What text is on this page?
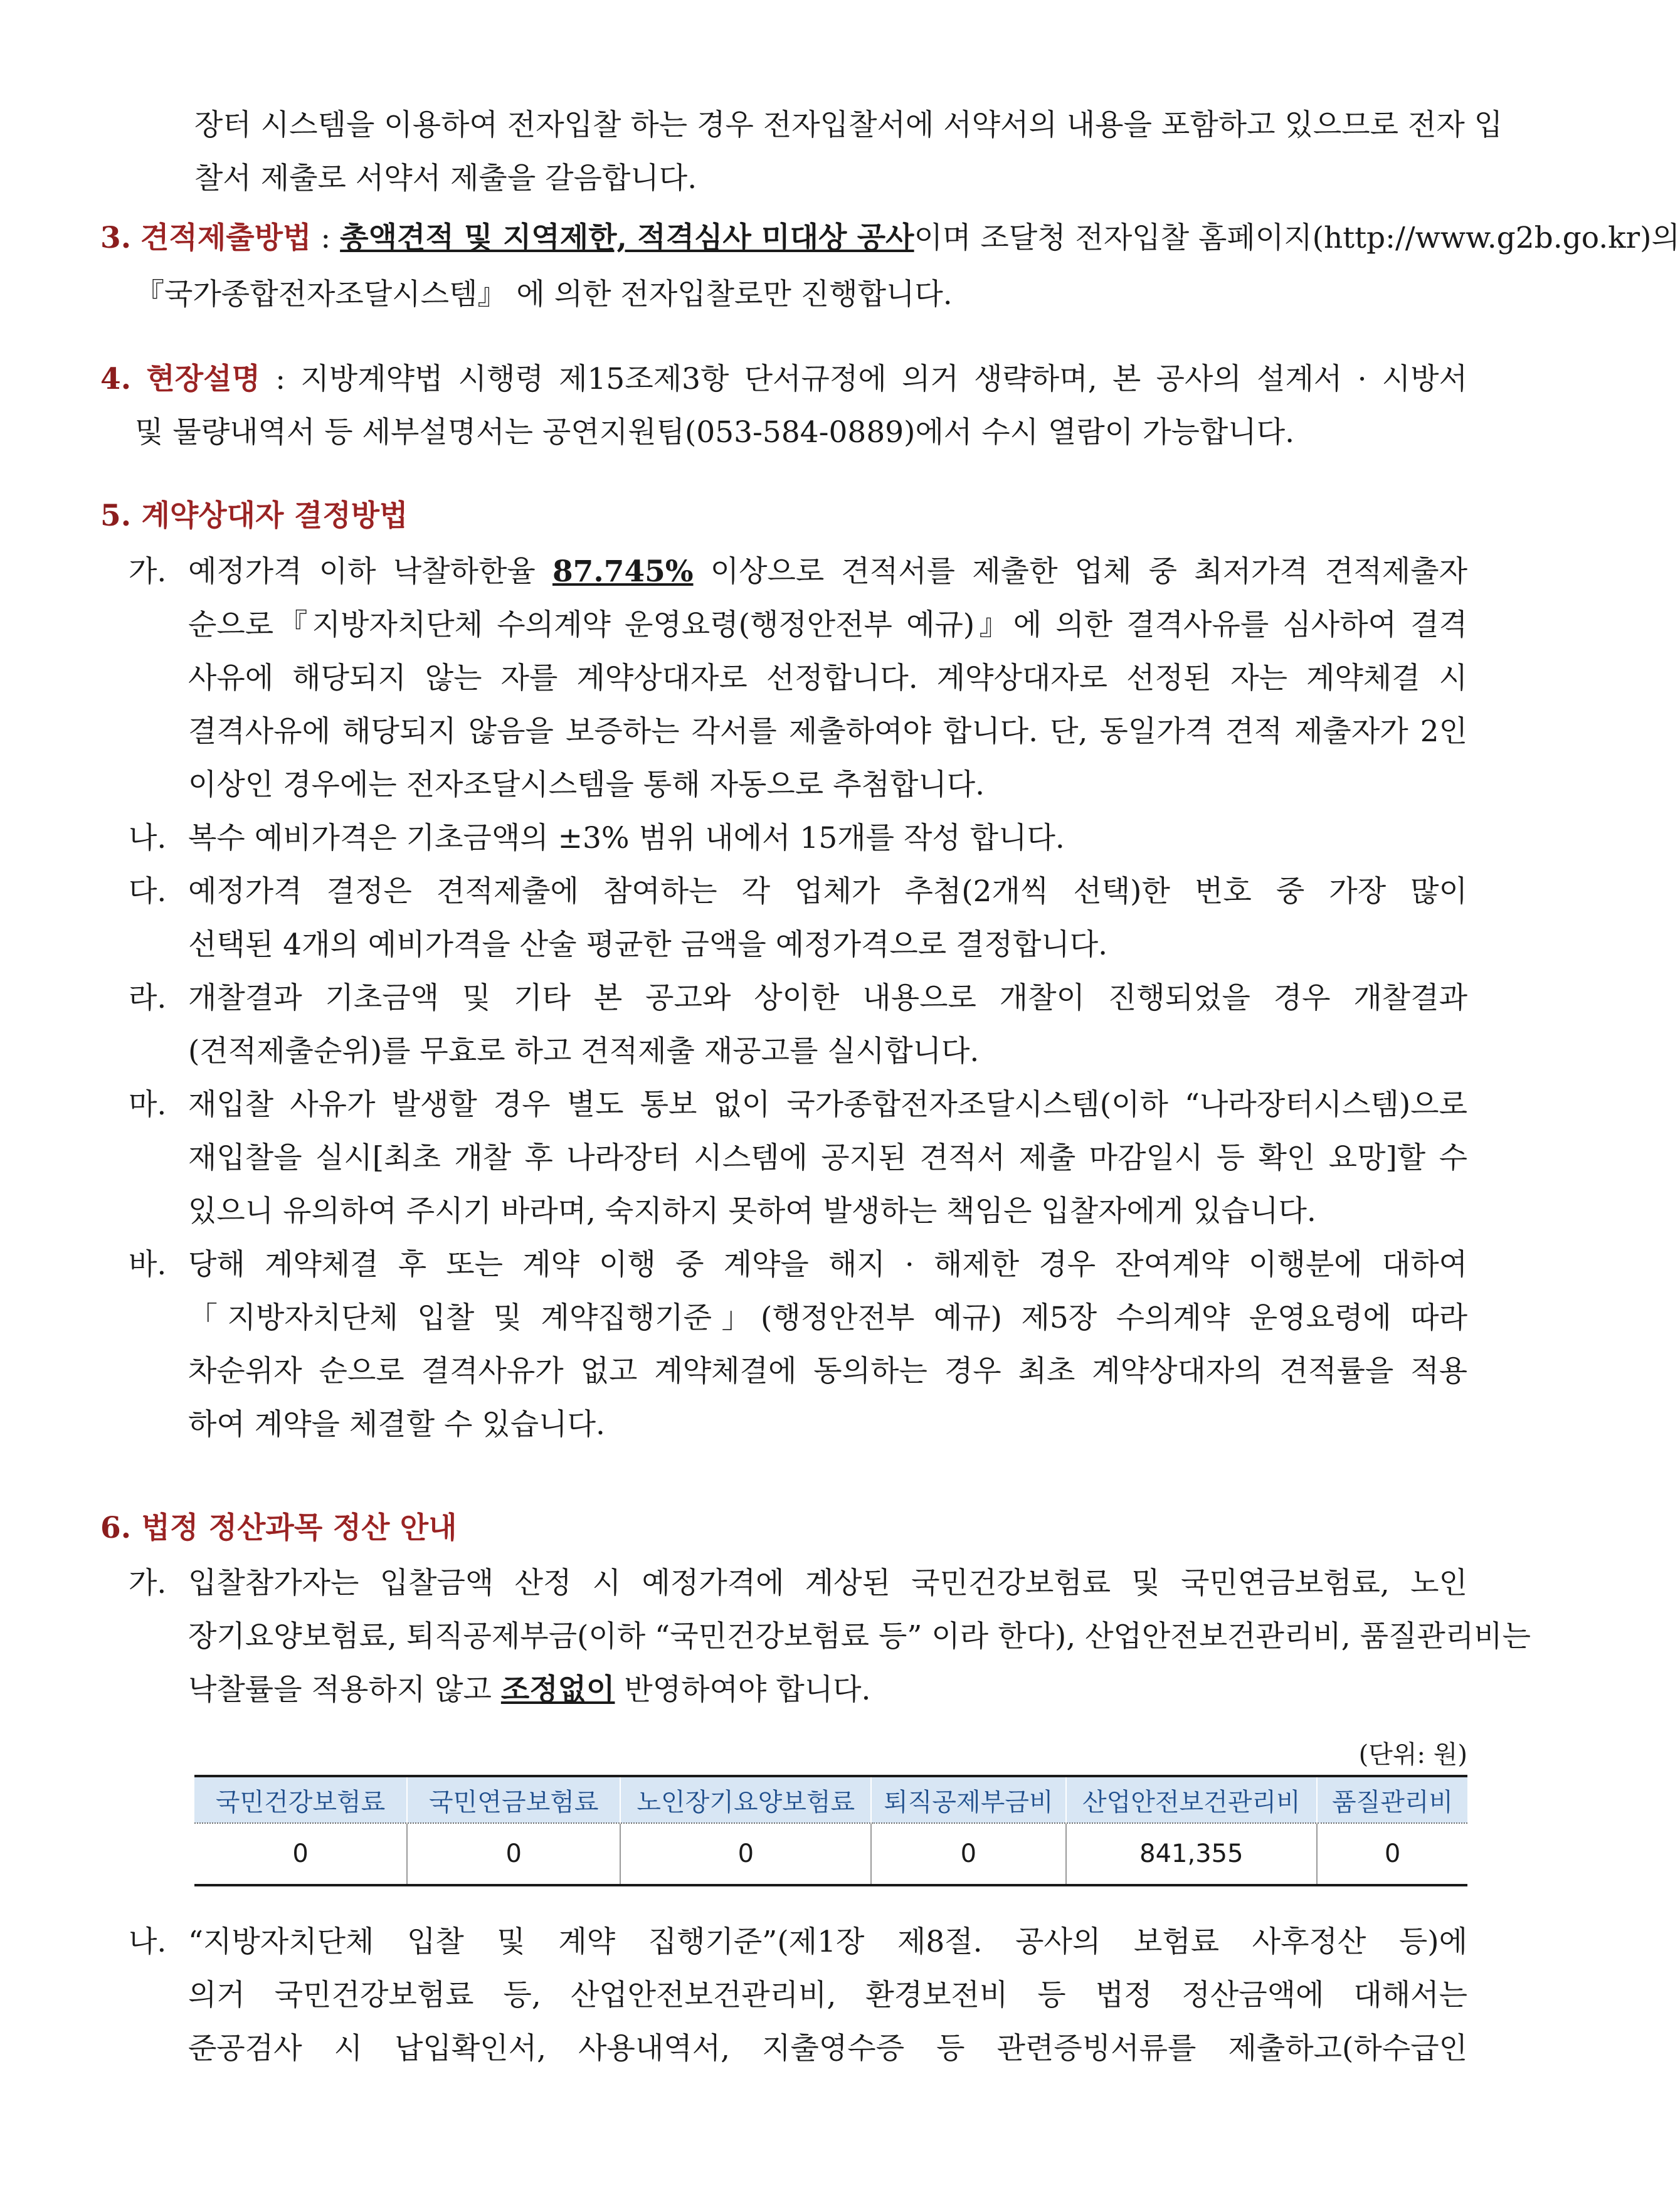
장터 시스템을 이용하여 전자입찰 하는 경우 전자입찰서에 서약서의 내용을 포함하고 있으므로 전자 입
찰서 제출로 서약서 제출을 갈음합니다.
3. 견적제출방법 : 총액견적 및 지역제한, 적격심사 미대상 공사이며 조달청 전자입찰 홈페이지(http://www.g2b.go.kr)의
『국가종합전자조달시스템』 에 의한 전자입찰로만 진행합니다.
4. 현장설명 : 지방계약법 시행령 제15조제3항 단서규정에 의거 생략하며, 본 공사의 설계서 · 시방서
및 물량내역서 등 세부설명서는 공연지원팀(053-584-0889)에서 수시 열람이 가능합니다.
5. 계약상대자 결정방법
가. 예정가격 이하 낙찰하한율 87.745% 이상으로 견적서를 제출한 업체 중 최저가격 견적제출자
순으로『지방자치단체 수의계약 운영요령(행정안전부 예규)』에 의한 결격사유를 심사하여 결격
사유에 해당되지 않는 자를 계약상대자로 선정합니다. 계약상대자로 선정된 자는 계약체결 시
결격사유에 해당되지 않음을 보증하는 각서를 제출하여야 합니다. 단, 동일가격 견적 제출자가 2인
이상인 경우에는 전자조달시스템을 통해 자동으로 추첨합니다.
나. 복수 예비가격은 기초금액의 ±3% 범위 내에서 15개를 작성 합니다.
다. 예정가격 결정은 견적제출에 참여하는 각 업체가 추첨(2개씩 선택)한 번호 중 가장 많이
선택된 4개의 예비가격을 산술 평균한 금액을 예정가격으로 결정합니다.
라. 개찰결과 기초금액 및 기타 본 공고와 상이한 내용으로 개찰이 진행되었을 경우 개찰결과
(견적제출순위)를 무효로 하고 견적제출 재공고를 실시합니다.
마. 재입찰 사유가 발생할 경우 별도 통보 없이 국가종합전자조달시스템(이하 “나라장터시스템)으로
재입찰을 실시[최초 개찰 후 나라장터 시스템에 공지된 견적서 제출 마감일시 등 확인 요망]할 수
있으니 유의하여 주시기 바라며, 숙지하지 못하여 발생하는 책임은 입찰자에게 있습니다.
바. 당해 계약체결 후 또는 계약 이행 중 계약을 해지 · 해제한 경우 잔여계약 이행분에 대하여
「지방자치단체 입찰 및 계약집행기준」(행정안전부 예규) 제5장 수의계약 운영요령에 따라
차순위자 순으로 결격사유가 없고 계약체결에 동의하는 경우 최초 계약상대자의 견적률을 적용
하여 계약을 체결할 수 있습니다.
6. 법정 정산과목 정산 안내
가. 입찰참가자는 입찰금액 산정 시 예정가격에 계상된 국민건강보험료 및 국민연금보험료, 노인
장기요양보험료, 퇴직공제부금(이하 “국민건강보험료 등” 이라 한다), 산업안전보건관리비, 품질관리비는
낙찰률을 적용하지 않고 조정없이 반영하여야 합니다.
(단위: 원)
국민건강보험료	국민연금보험료	노인장기요양보험료	퇴직공제부금비	산업안전보건관리비	품질관리비
0	0	0	0	841,355	0
나. “지방자치단체 입찰 및 계약 집행기준”(제1장 제8절. 공사의 보험료 사후정산 등)에
의거 국민건강보험료 등, 산업안전보건관리비, 환경보전비 등 법정 정산금액에 대해서는
준공검사 시 납입확인서, 사용내역서, 지출영수증 등 관련증빙서류를 제출하고(하수급인
